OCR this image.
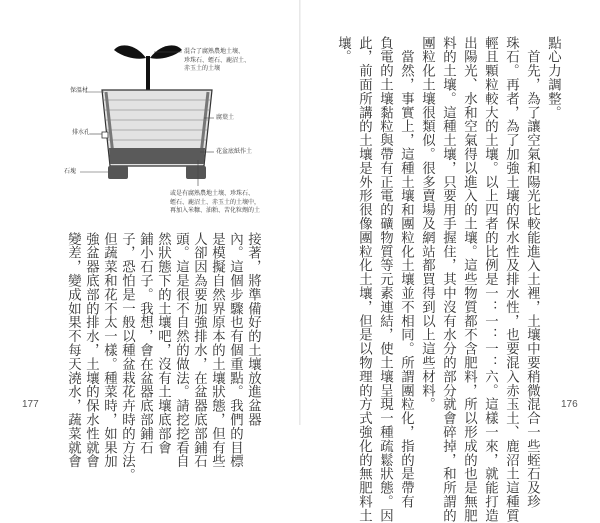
混合了腐熟農地土壤、
珍珠石、蛭石、鹿沼土、
赤玉土的土壤
保溫材
排水孔
腐葉土
花盆底紙作土
石塊
或是有腐熟農地土壤、珍珠石、
蛭石、鹿沼土、赤玉土的土壤中，
再加入米糠、油粕、苦化粒劑的土
接著，將準備好的土壤放進盆器
內。這個步驟也有個重點。我們的目標
是模擬自然界原本的土壤狀態，但有些
人卻因為要加強排水，在盆器底部鋪石
頭。這是很不自然的做法。請挖挖看自
然狀態下的土壤吧，沒有土壤底部會
鋪小石子。我想，會在盆器底部鋪石
子，恐怕是一般以種盆栽花卉時的方法。
但蔬菜和花不太一樣。種菜時，如果加
強盆器底部的排水，土壤的保水性就會
變差，變成如果不每天澆水，蔬菜就會
177
點心力調整。
　首先，為了讓空氣和陽光比較能進入土裡，土壤中要稍微混合一些蛭石及珍
珠石。再者，為了加強土壤的保水性及排水性，也要混入赤玉土、鹿沼土這種質
輕且顆粒較大的土壤。以上四者的比例是一：一：一：六。這樣一來，就能打造
出陽光、水和空氣得以進入的土壤。這些物質都不含肥料，所以形成的也是無肥
料的土壤。這種土壤，只要用手握住，其中沒有水分的部分就會碎掉，和所謂的
團粒化土壤很類似。很多賣場及網站都買得到以上這些材料。
　當然，事實上，這種土壤和團粒化土壤並不相同。所謂團粒化，指的是帶有
負電的土壤黏粒與帶有正電的礦物質等元素連結，使土壤呈現一種疏鬆狀態。因
此，前面所講的土壤是外形很像團粒化土壤，但是以物理的方式強化的無肥料土
壤。
176
